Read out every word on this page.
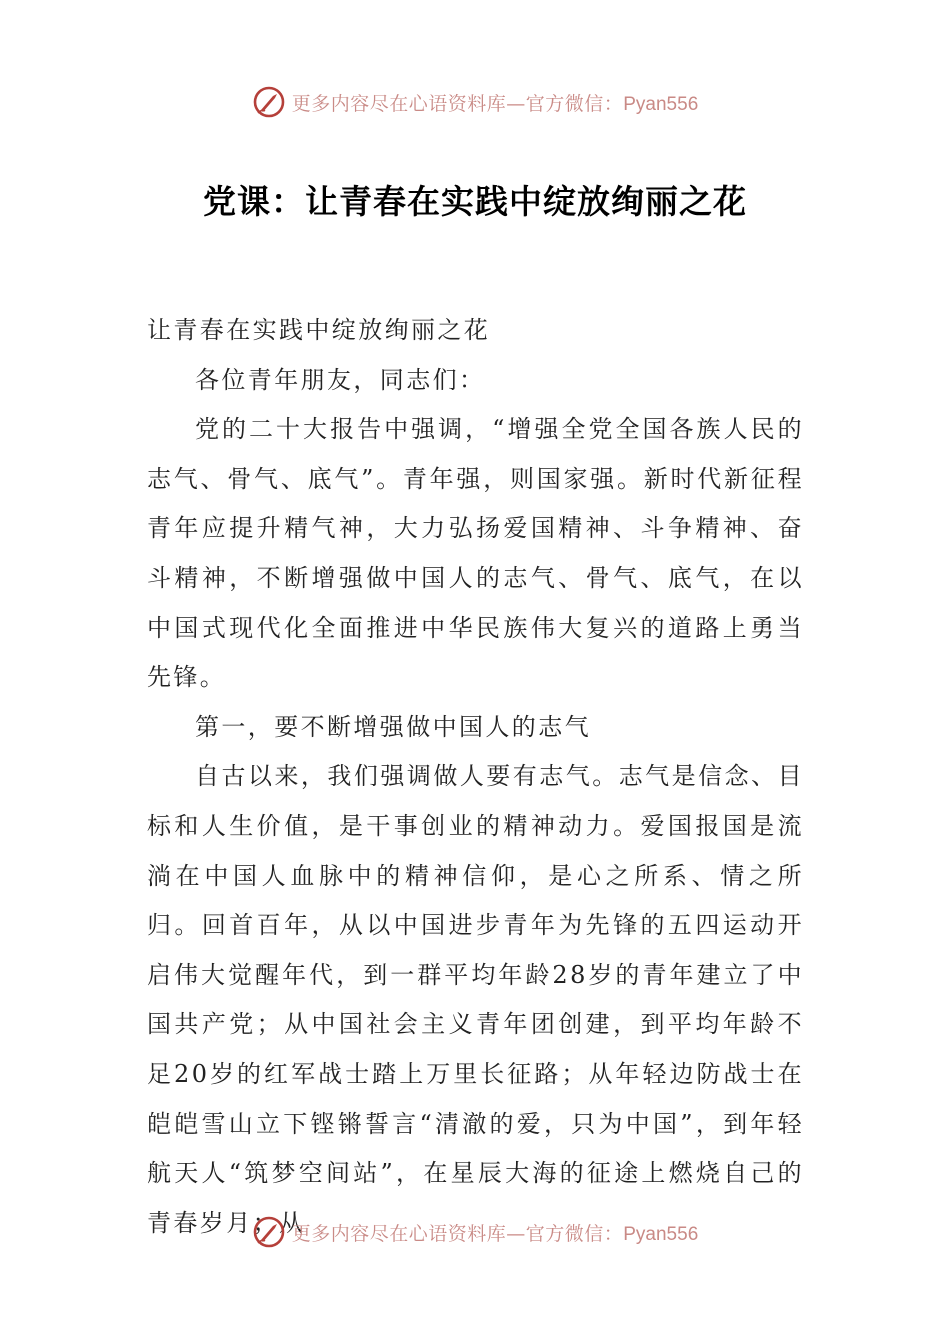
更多内容尽在心语资料库—官方微信：Pyan556
党课：让青春在实践中绽放绚丽之花

让青春在实践中绽放绚丽之花

各位青年朋友，同志们：

党的二十大报告中强调，“增强全党全国各族人民的志气、骨气、底气”。青年强，则国家强。新时代新征程青年应提升精气神，大力弘扬爱国精神、斗争精神、奋斗精神，不断增强做中国人的志气、骨气、底气，在以中国式现代化全面推进中华民族伟大复兴的道路上勇当先锋。

第一，要不断增强做中国人的志气

自古以来，我们强调做人要有志气。志气是信念、目标和人生价值，是干事创业的精神动力。爱国报国是流淌在中国人血脉中的精神信仰，是心之所系、情之所归。回首百年，从以中国进步青年为先锋的五四运动开启伟大觉醒年代，到一群平均年龄28岁的青年建立了中国共产党；从中国社会主义青年团创建，到平均年龄不足20岁的红军战士踏上万里长征路；从年轻边防战士在皑皑雪山立下铿锵誓言“清澈的爱，只为中国”，到年轻航天人“筑梦空间站”，在星辰大海的征途上燃烧自己的青春岁月；从

更多内容尽在心语资料库—官方微信：Pyan556
